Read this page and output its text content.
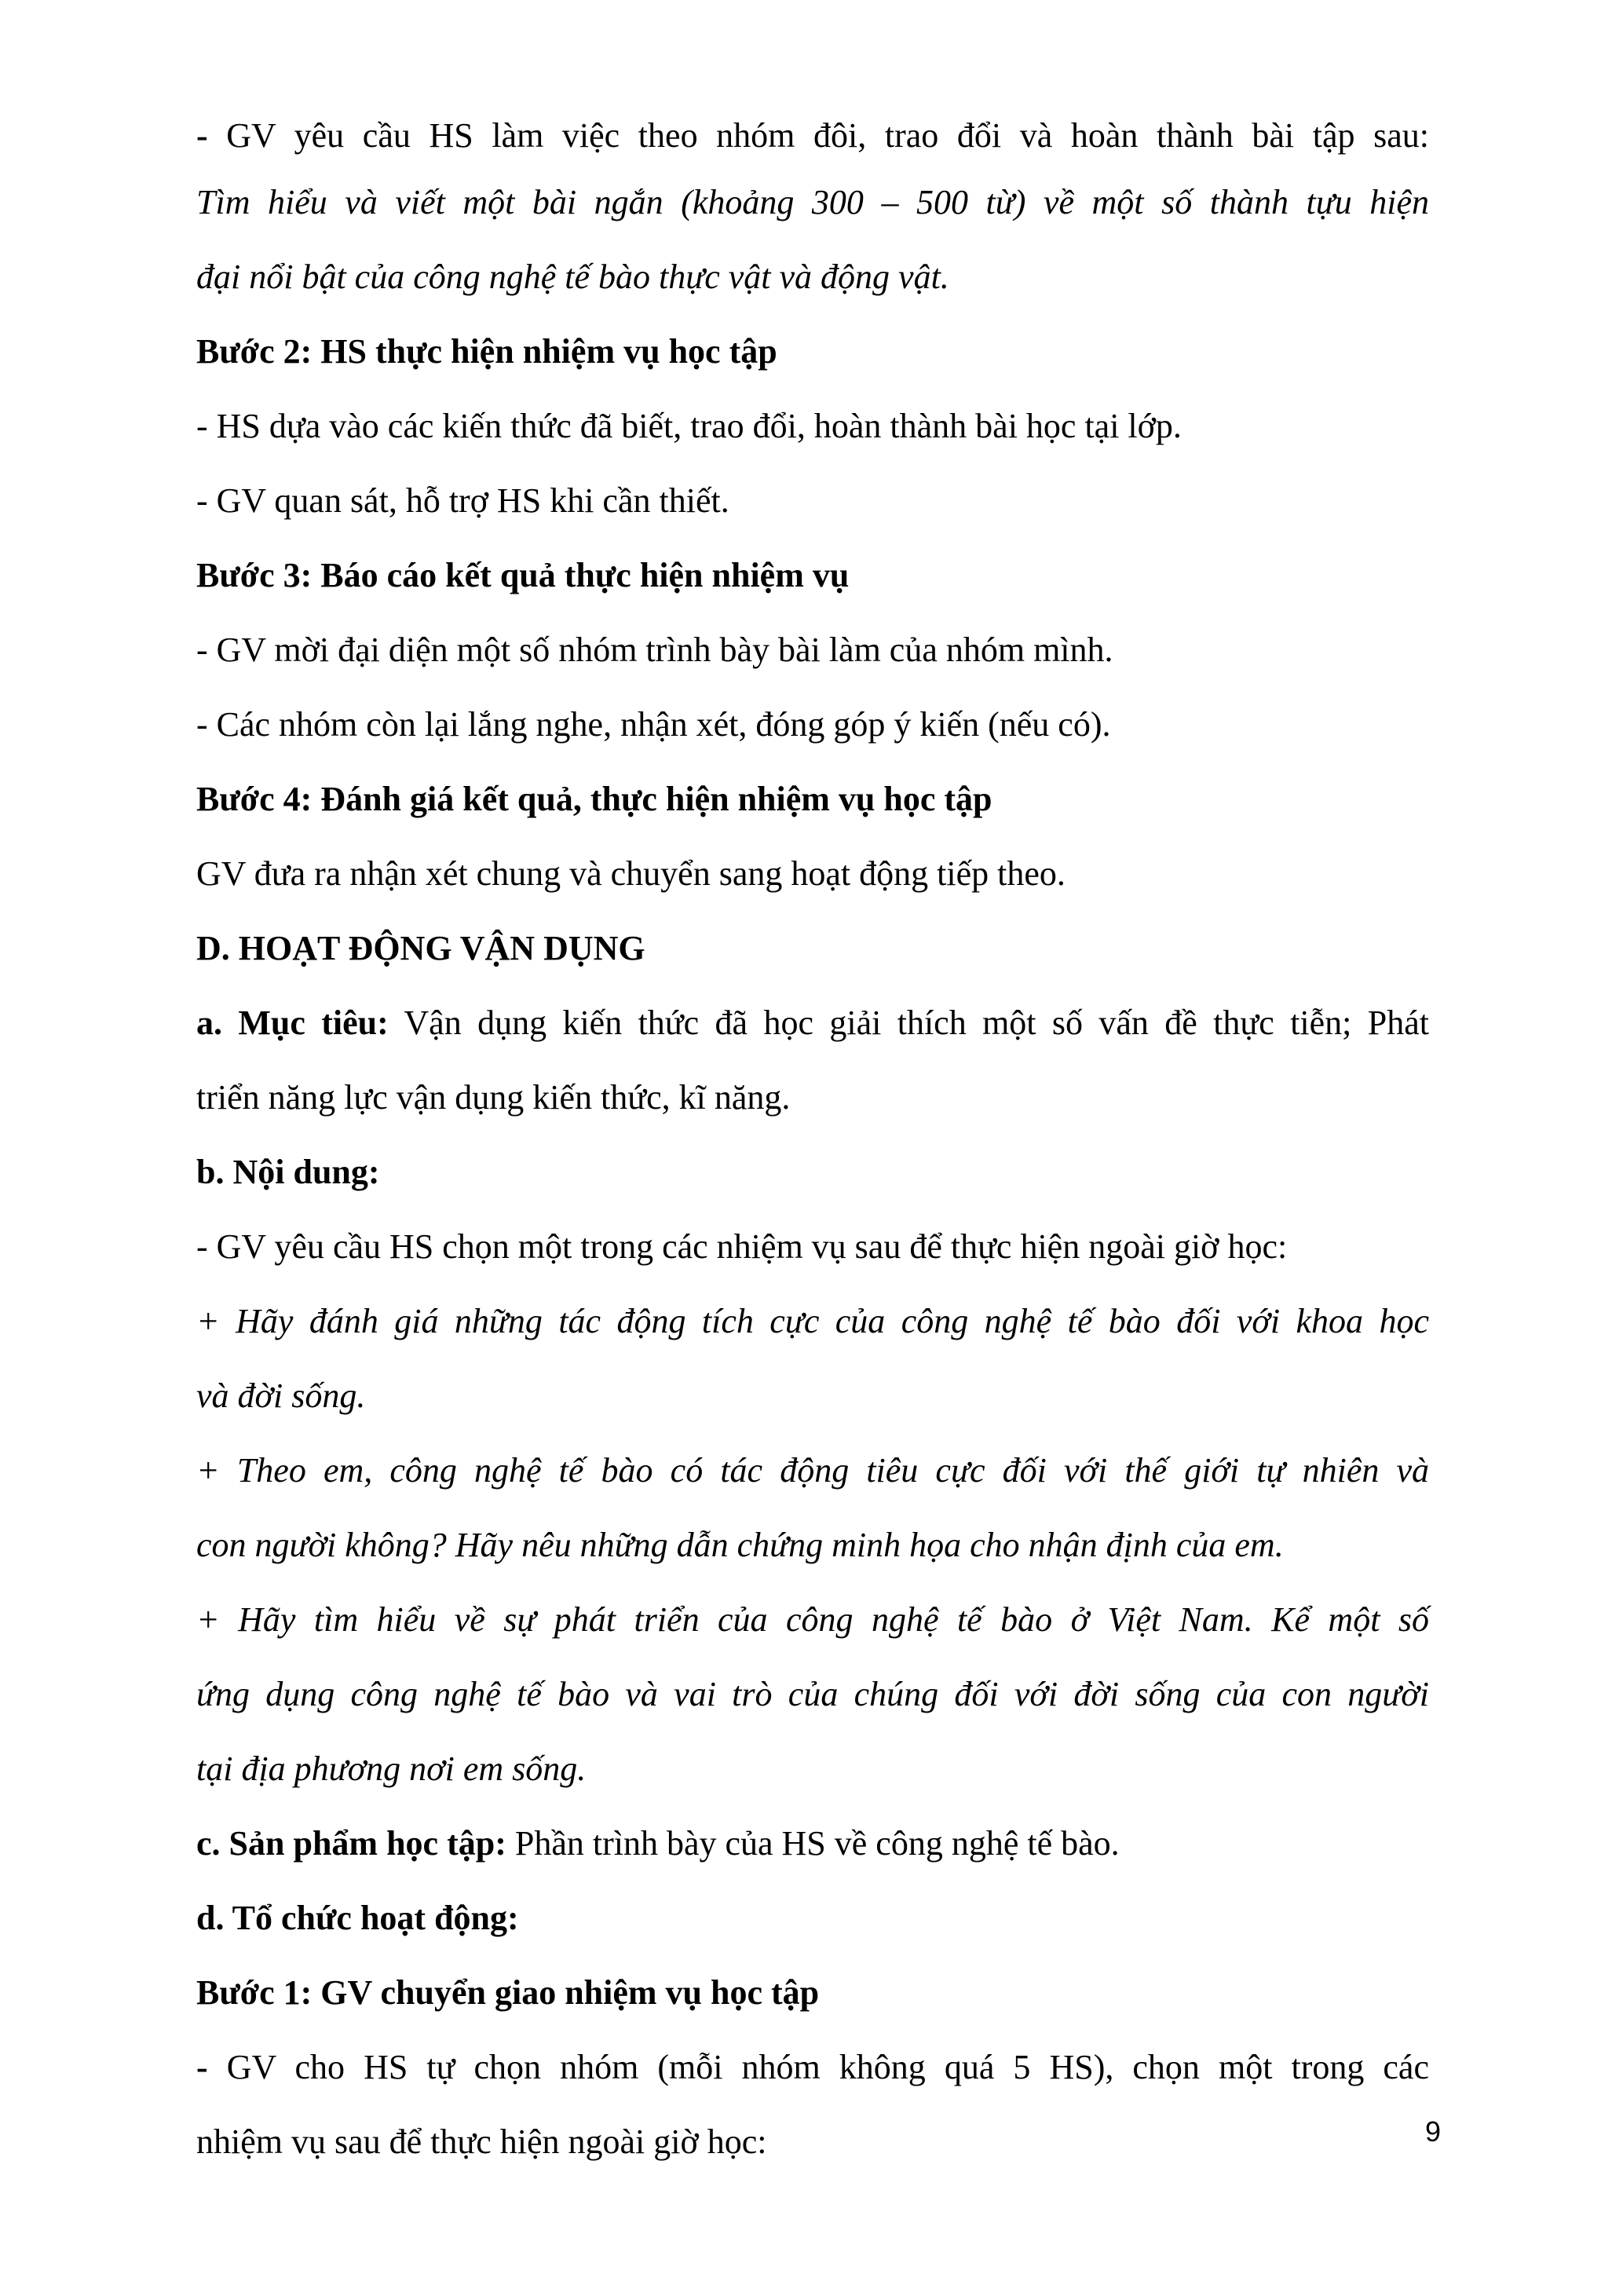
- GV yêu cầu HS làm việc theo nhóm đôi, trao đổi và hoàn thành bài tập sau:
Tìm hiểu và viết một bài ngắn (khoảng 300 – 500 từ) về một số thành tựu hiện
đại nổi bật của công nghệ tế bào thực vật và động vật.
Bước 2: HS thực hiện nhiệm vụ học tập
- HS dựa vào các kiến thức đã biết, trao đổi, hoàn thành bài học tại lớp.
- GV quan sát, hỗ trợ HS khi cần thiết.
Bước 3: Báo cáo kết quả thực hiện nhiệm vụ
- GV mời đại diện một số nhóm trình bày bài làm của nhóm mình.
- Các nhóm còn lại lắng nghe, nhận xét, đóng góp ý kiến (nếu có).
Bước 4: Đánh giá kết quả, thực hiện nhiệm vụ học tập
GV đưa ra nhận xét chung và chuyển sang hoạt động tiếp theo.
D. HOẠT ĐỘNG VẬN DỤNG
a. Mục tiêu: Vận dụng kiến thức đã học giải thích một số vấn đề thực tiễn; Phát
triển năng lực vận dụng kiến thức, kĩ năng.
b. Nội dung:
- GV yêu cầu HS chọn một trong các nhiệm vụ sau để thực hiện ngoài giờ học:
+ Hãy đánh giá những tác động tích cực của công nghệ tế bào đối với khoa học
và đời sống.
+ Theo em, công nghệ tế bào có tác động tiêu cực đối với thế giới tự nhiên và
con người không? Hãy nêu những dẫn chứng minh họa cho nhận định của em.
+ Hãy tìm hiểu về sự phát triển của công nghệ tế bào ở Việt Nam. Kể một số
ứng dụng công nghệ tế bào và vai trò của chúng đối với đời sống của con người
tại địa phương nơi em sống.
c. Sản phẩm học tập: Phần trình bày của HS về công nghệ tế bào.
d. Tổ chức hoạt động:
Bước 1: GV chuyển giao nhiệm vụ học tập
- GV cho HS tự chọn nhóm (mỗi nhóm không quá 5 HS), chọn một trong các
nhiệm vụ sau để thực hiện ngoài giờ học:	9
